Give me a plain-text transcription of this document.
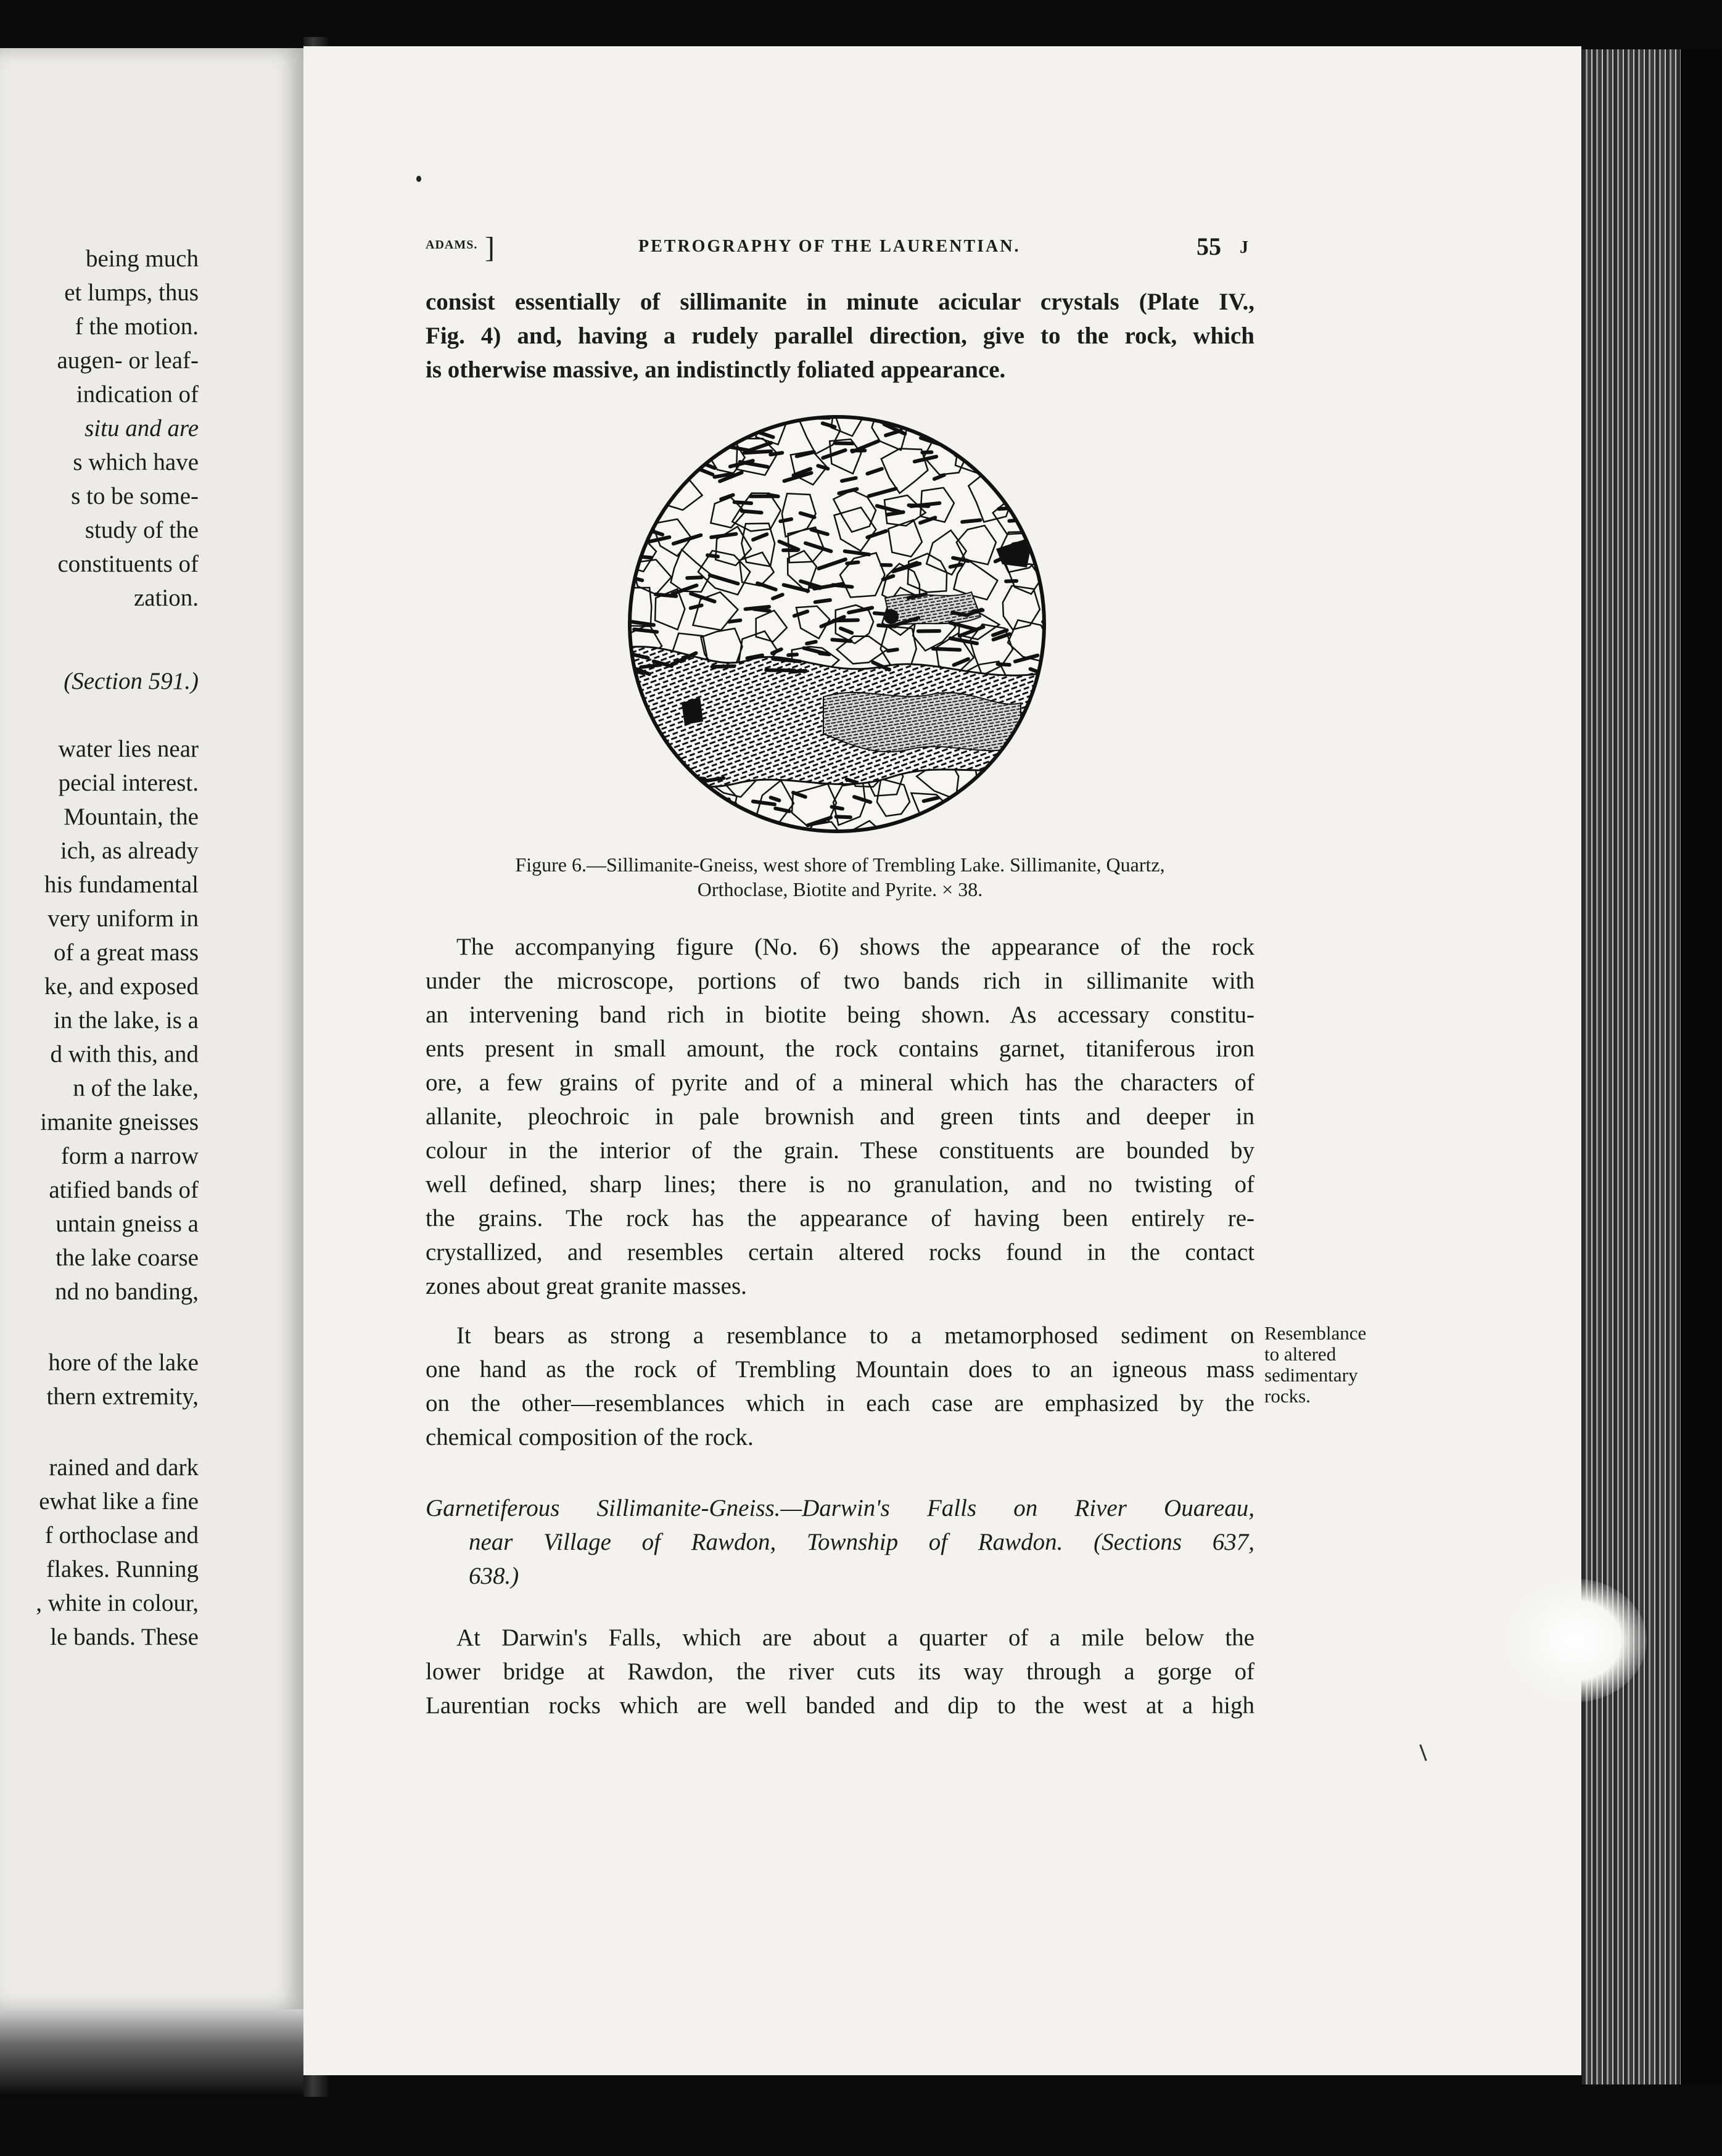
being much
et lumps, thus
f the motion.
augen- or leaf-
indication of
situ and are
s which have
s to be some-
study of the
constituents of
zation.
(Section 591.)
water lies near
pecial interest.
Mountain, the
ich, as already
his fundamental
very uniform in
of a great mass
ke, and exposed
in the lake, is a
d with this, and
n of the lake,
imanite gneisses
form a narrow
atified bands of
untain gneiss a
the lake coarse
nd no banding,
hore of the lake
thern extremity,
rained and dark
ewhat like a fine
f orthoclase and
flakes. Running
, white in colour,
le bands. These
ADAMS. ]	PETROGRAPHY OF THE LAURENTIAN.	55 J
consist essentially of sillimanite in minute acicular crystals (Plate IV.,
Fig. 4) and, having a rudely parallel direction, give to the rock, which
is otherwise massive, an indistinctly foliated appearance.
Figure 6.—Sillimanite-Gneiss, west shore of Trembling Lake. Sillimanite, Quartz,
Orthoclase, Biotite and Pyrite. × 38.
The accompanying figure (No. 6) shows the appearance of the rock
under the microscope, portions of two bands rich in sillimanite with
an intervening band rich in biotite being shown. As accessary constitu-
ents present in small amount, the rock contains garnet, titaniferous iron
ore, a few grains of pyrite and of a mineral which has the characters of
allanite, pleochroic in pale brownish and green tints and deeper in
colour in the interior of the grain. These constituents are bounded by
well defined, sharp lines; there is no granulation, and no twisting of
the grains. The rock has the appearance of having been entirely re-
crystallized, and resembles certain altered rocks found in the contact
zones about great granite masses.
It bears as strong a resemblance to a metamorphosed sediment on
one hand as the rock of Trembling Mountain does to an igneous mass
on the other—resemblances which in each case are emphasized by the
chemical composition of the rock.
Resemblance
to altered
sedimentary
rocks.
Garnetiferous Sillimanite-Gneiss.—Darwin's Falls on River Ouareau,
near Village of Rawdon, Township of Rawdon. (Sections 637,
638.)
At Darwin's Falls, which are about a quarter of a mile below the
lower bridge at Rawdon, the river cuts its way through a gorge of
Laurentian rocks which are well banded and dip to the west at a high
